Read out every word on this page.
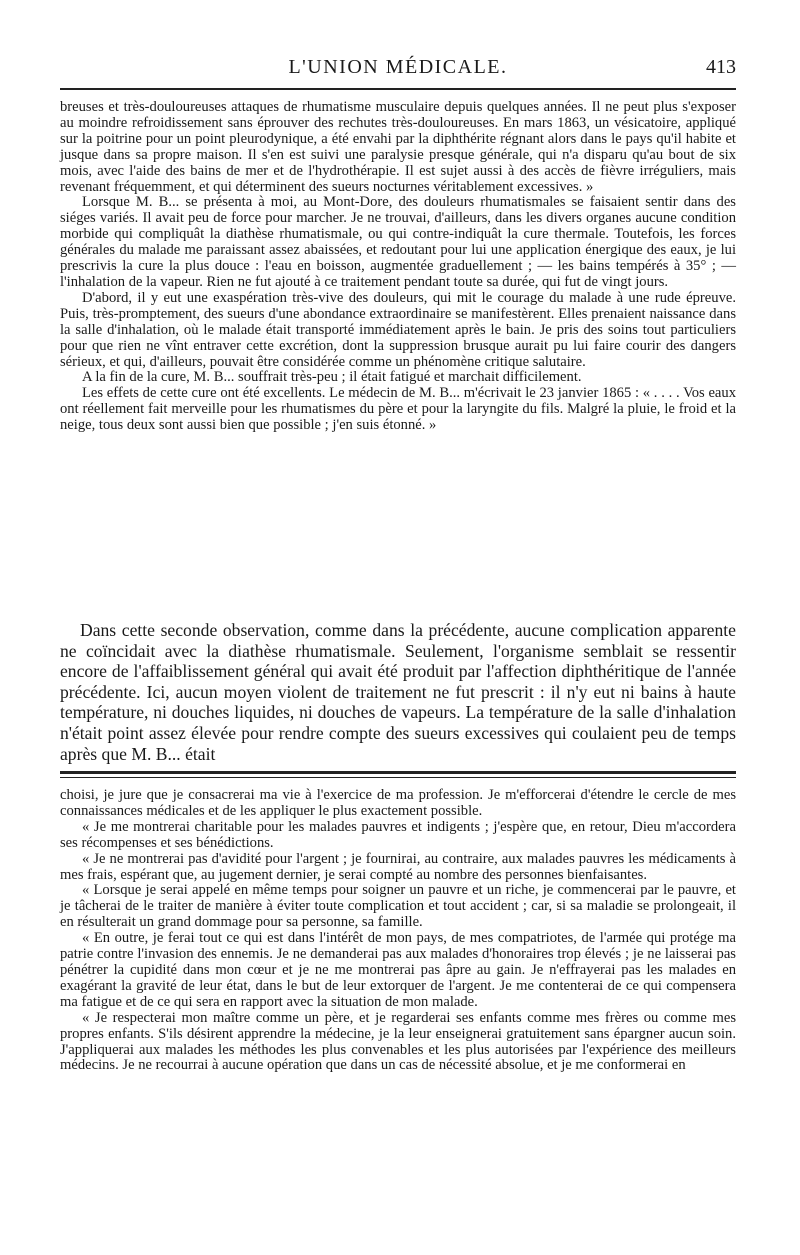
L'UNION MÉDICALE.	413

breuses et très-douloureuses attaques de rhumatisme musculaire depuis quelques années. Il ne peut plus s'exposer au moindre refroidissement sans éprouver des rechutes très-douloureuses. En mars 1863, un vésicatoire, appliqué sur la poitrine pour un point pleurodynique, a été envahi par la diphthérite régnant alors dans le pays qu'il habite et jusque dans sa propre maison. Il s'en est suivi une paralysie presque générale, qui n'a disparu qu'au bout de six mois, avec l'aide des bains de mer et de l'hydrothérapie. Il est sujet aussi à des accès de fièvre irréguliers, mais revenant fréquemment, et qui déterminent des sueurs nocturnes véritablement excessives. »

Lorsque M. B... se présenta à moi, au Mont-Dore, des douleurs rhumatismales se faisaient sentir dans des siéges variés. Il avait peu de force pour marcher. Je ne trouvai, d'ailleurs, dans les divers organes aucune condition morbide qui compliquât la diathèse rhumatismale, ou qui contre-indiquât la cure thermale. Toutefois, les forces générales du malade me paraissant assez abaissées, et redoutant pour lui une application énergique des eaux, je lui prescrivis la cure la plus douce : l'eau en boisson, augmentée graduellement ; — les bains tempérés à 35° ; — l'inhalation de la vapeur. Rien ne fut ajouté à ce traitement pendant toute sa durée, qui fut de vingt jours.

D'abord, il y eut une exaspération très-vive des douleurs, qui mit le courage du malade à une rude épreuve. Puis, très-promptement, des sueurs d'une abondance extraordinaire se manifestèrent. Elles prenaient naissance dans la salle d'inhalation, où le malade était transporté immédiatement après le bain. Je pris des soins tout particuliers pour que rien ne vînt entraver cette excrétion, dont la suppression brusque aurait pu lui faire courir des dangers sérieux, et qui, d'ailleurs, pouvait être considérée comme un phénomène critique salutaire.

A la fin de la cure, M. B... souffrait très-peu ; il était fatigué et marchait difficilement.

Les effets de cette cure ont été excellents. Le médecin de M. B... m'écrivait le 23 janvier 1865 : « . . . . Vos eaux ont réellement fait merveille pour les rhumatismes du père et pour la laryngite du fils. Malgré la pluie, le froid et la neige, tous deux sont aussi bien que possible ; j'en suis étonné. »

Dans cette seconde observation, comme dans la précédente, aucune complication apparente ne coïncidait avec la diathèse rhumatismale. Seulement, l'organisme semblait se ressentir encore de l'affaiblissement général qui avait été produit par l'affection diphthéritique de l'année précédente. Ici, aucun moyen violent de traitement ne fut prescrit : il n'y eut ni bains à haute température, ni douches liquides, ni douches de vapeurs. La température de la salle d'inhalation n'était point assez élevée pour rendre compte des sueurs excessives qui coulaient peu de temps après que M. B... était

choisi, je jure que je consacrerai ma vie à l'exercice de ma profession. Je m'efforcerai d'étendre le cercle de mes connaissances médicales et de les appliquer le plus exactement possible.

« Je me montrerai charitable pour les malades pauvres et indigents ; j'espère que, en retour, Dieu m'accordera ses récompenses et ses bénédictions.

« Je ne montrerai pas d'avidité pour l'argent ; je fournirai, au contraire, aux malades pauvres les médicaments à mes frais, espérant que, au jugement dernier, je serai compté au nombre des personnes bienfaisantes.

« Lorsque je serai appelé en même temps pour soigner un pauvre et un riche, je commencerai par le pauvre, et je tâcherai de le traiter de manière à éviter toute complication et tout accident ; car, si sa maladie se prolongeait, il en résulterait un grand dommage pour sa personne, sa famille.

« En outre, je ferai tout ce qui est dans l'intérêt de mon pays, de mes compatriotes, de l'armée qui protége ma patrie contre l'invasion des ennemis. Je ne demanderai pas aux malades d'honoraires trop élevés ; je ne laisserai pas pénétrer la cupidité dans mon cœur et je ne me montrerai pas âpre au gain. Je n'effrayerai pas les malades en exagérant la gravité de leur état, dans le but de leur extorquer de l'argent. Je me contenterai de ce qui compensera ma fatigue et de ce qui sera en rapport avec la situation de mon malade.

« Je respecterai mon maître comme un père, et je regarderai ses enfants comme mes frères ou comme mes propres enfants. S'ils désirent apprendre la médecine, je la leur enseignerai gratuitement sans épargner aucun soin. J'appliquerai aux malades les méthodes les plus convenables et les plus autorisées par l'expérience des meilleurs médecins. Je ne recourrai à aucune opération que dans un cas de nécessité absolue, et je me conformerai en
